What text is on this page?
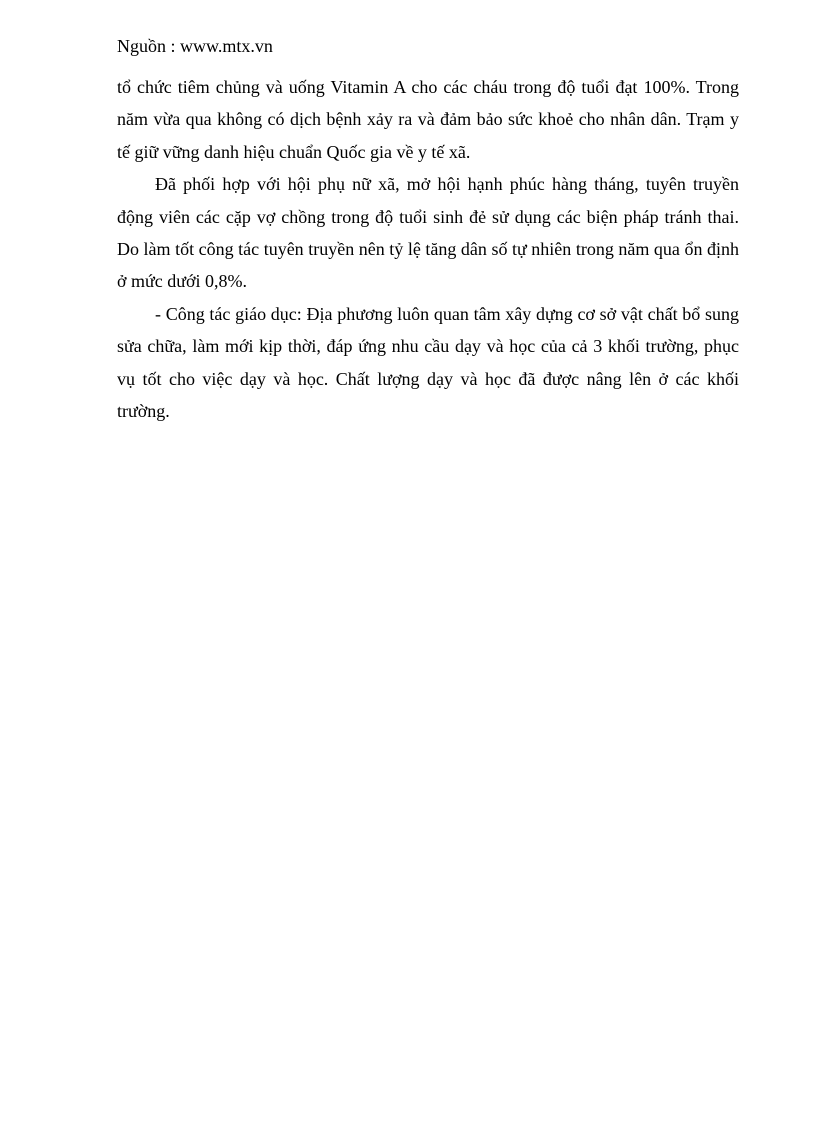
Nguồn : www.mtx.vn

tổ chức tiêm chủng và uống Vitamin A cho các cháu trong độ tuổi đạt 100%. Trong năm vừa qua không có dịch bệnh xảy ra và đảm bảo sức khoẻ cho nhân dân. Trạm y tế giữ vững danh hiệu chuẩn Quốc gia về y tế xã.

Đã phối hợp với hội phụ nữ xã, mở hội hạnh phúc hàng tháng, tuyên truyền động viên các cặp vợ chồng trong độ tuổi sinh đẻ sử dụng các biện pháp tránh thai. Do làm tốt công tác tuyên truyền nên tỷ lệ tăng dân số tự nhiên trong năm qua ổn định ở mức dưới 0,8%.

- Công tác giáo dục: Địa phương luôn quan tâm xây dựng cơ sở vật chất bổ sung sửa chữa, làm mới kịp thời, đáp ứng nhu cầu dạy và học của cả 3 khối trường, phục vụ tốt cho việc dạy và học. Chất lượng dạy và học đã được nâng lên ở các khối trường.
